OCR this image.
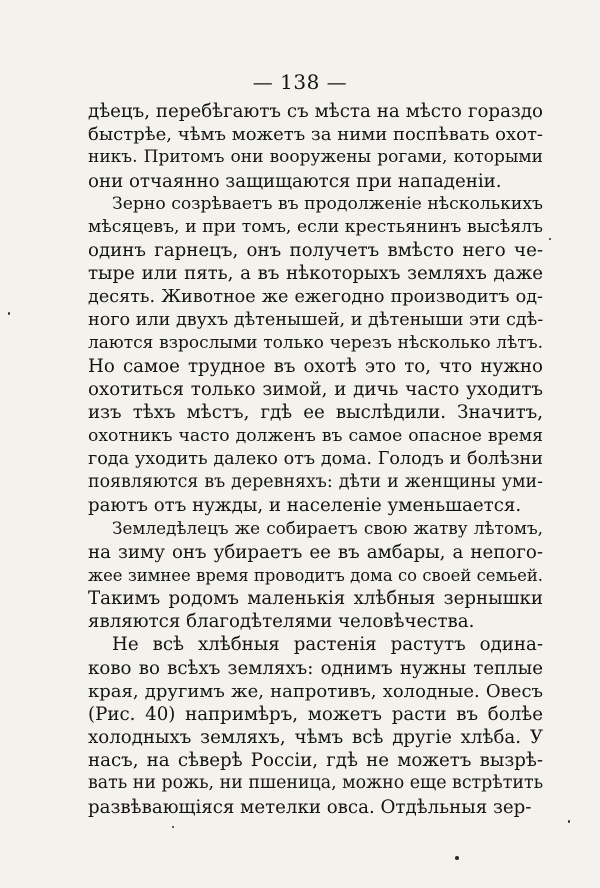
— 138 —
дѣецъ, перебѣгаютъ съ мѣста на мѣсто гораздо
быстрѣе, чѣмъ можетъ за ними поспѣвать охот-
никъ. Притомъ они вооружены рогами, которыми
они отчаянно защищаются при нападеніи.
Зерно созрѣваетъ въ продолженіе нѣсколькихъ
мѣсяцевъ, и при томъ, если крестьянинъ высѣялъ
одинъ гарнецъ, онъ получетъ вмѣсто него че-
тыре или пять, а въ нѣкоторыхъ земляхъ даже
десять. Животное же ежегодно производитъ од-
ного или двухъ дѣтенышей, и дѣтеныши эти сдѣ-
лаются взрослыми только черезъ нѣсколько лѣтъ.
Но самое трудное въ охотѣ это то, что нужно
охотиться только зимой, и дичь часто уходитъ
изъ тѣхъ мѣстъ, гдѣ ее выслѣдили. Значитъ,
охотникъ часто долженъ въ самое опасное время
года уходить далеко отъ дома. Голодъ и болѣзни
появляются въ деревняхъ: дѣти и женщины уми-
раютъ отъ нужды, и населеніе уменьшается.
Земледѣлецъ же собираетъ свою жатву лѣтомъ,
на зиму онъ убираетъ ее въ амбары, а непого-
жее зимнее время проводитъ дома со своей семьей.
Такимъ родомъ маленькія хлѣбныя зернышки
являются благодѣтелями человѣчества.
Не всѣ хлѣбныя растенія растутъ одина-
ково во всѣхъ земляхъ: однимъ нужны теплые
края, другимъ же, напротивъ, холодные. Овесъ
(Рис. 40) напримѣръ, можетъ расти въ болѣе
холодныхъ земляхъ, чѣмъ всѣ другіе хлѣба. У
насъ, на сѣверѣ Россіи, гдѣ не можетъ вызрѣ-
вать ни рожь, ни пшеница, можно еще встрѣтить
развѣвающіяся метелки овса. Отдѣльныя зер-
